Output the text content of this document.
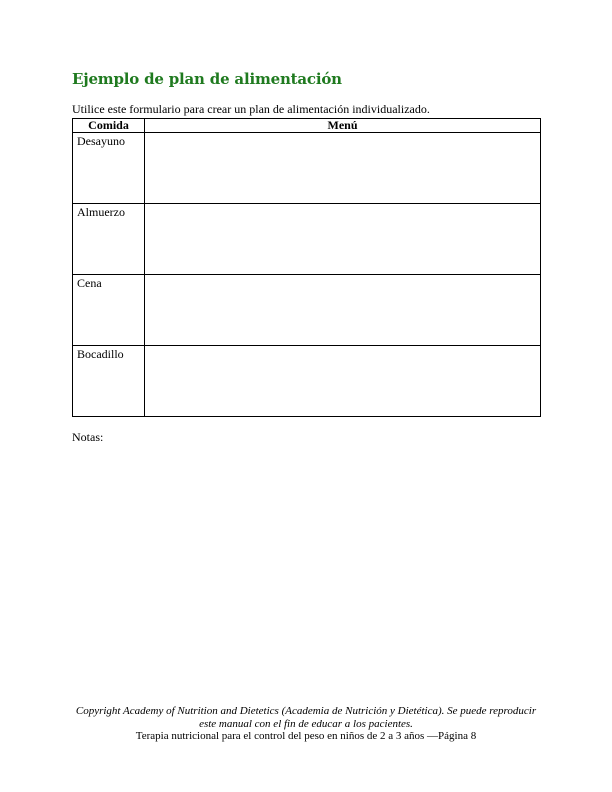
Ejemplo de plan de alimentación
Utilice este formulario para crear un plan de alimentación individualizado.
Comida	Menú
Desayuno	
Almuerzo	
Cena	
Bocadillo	
Notas:
Copyright Academy of Nutrition and Dietetics (Academia de Nutrición y Dietética). Se puede reproducir
este manual con el fin de educar a los pacientes.
Terapia nutricional para el control del peso en niños de 2 a 3 años —Página 8
